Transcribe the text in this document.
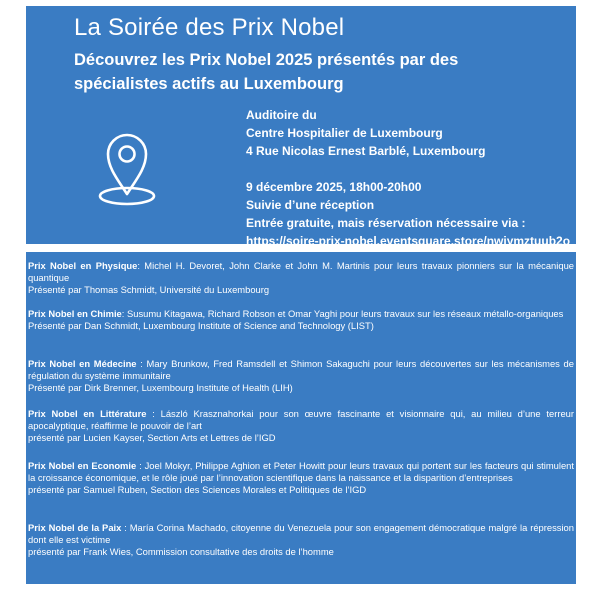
La Soirée des Prix Nobel
Découvrez les Prix Nobel 2025 présentés par des
spécialistes actifs au Luxembourg
Auditoire du
Centre Hospitalier de Luxembourg
4 Rue Nicolas Ernest Barblé, Luxembourg
9 décembre 2025, 18h00-20h00
Suivie d’une réception
Entrée gratuite, mais réservation nécessaire via :
https://soire-prix-nobel.eventsquare.store/nwiymztuub2o
Prix Nobel en Physique: Michel H. Devoret, John Clarke et John M. Martinis pour leurs travaux pionniers sur la mécanique quantique
Présenté par Thomas Schmidt, Université du Luxembourg
Prix Nobel en Chimie: Susumu Kitagawa, Richard Robson et Omar Yaghi pour leurs travaux sur les réseaux métallo-organiques
Présenté par Dan Schmidt, Luxembourg Institute of Science and Technology (LIST)
Prix Nobel en Médecine : Mary Brunkow, Fred Ramsdell et Shimon Sakaguchi pour leurs découvertes sur les mécanismes de régulation du système immunitaire
Présenté par Dirk Brenner, Luxembourg Institute of Health (LIH)
Prix Nobel en Littérature : László Krasznahorkai pour son œuvre fascinante et visionnaire qui, au milieu d’une terreur apocalyptique, réaffirme le pouvoir de l’art
présenté par Lucien Kayser, Section Arts et Lettres de l’IGD
Prix Nobel en Economie : Joel Mokyr, Philippe Aghion et Peter Howitt pour leurs travaux qui portent sur les facteurs qui stimulent la croissance économique, et le rôle joué par l’innovation scientifique dans la naissance et la disparition d’entreprises
présenté par Samuel Ruben, Section des Sciences Morales et Politiques de l’IGD
Prix Nobel de la Paix : María Corina Machado, citoyenne du Venezuela pour son engagement démocratique malgré la répression dont elle est victime
présenté par Frank Wies, Commission consultative des droits de l’homme
